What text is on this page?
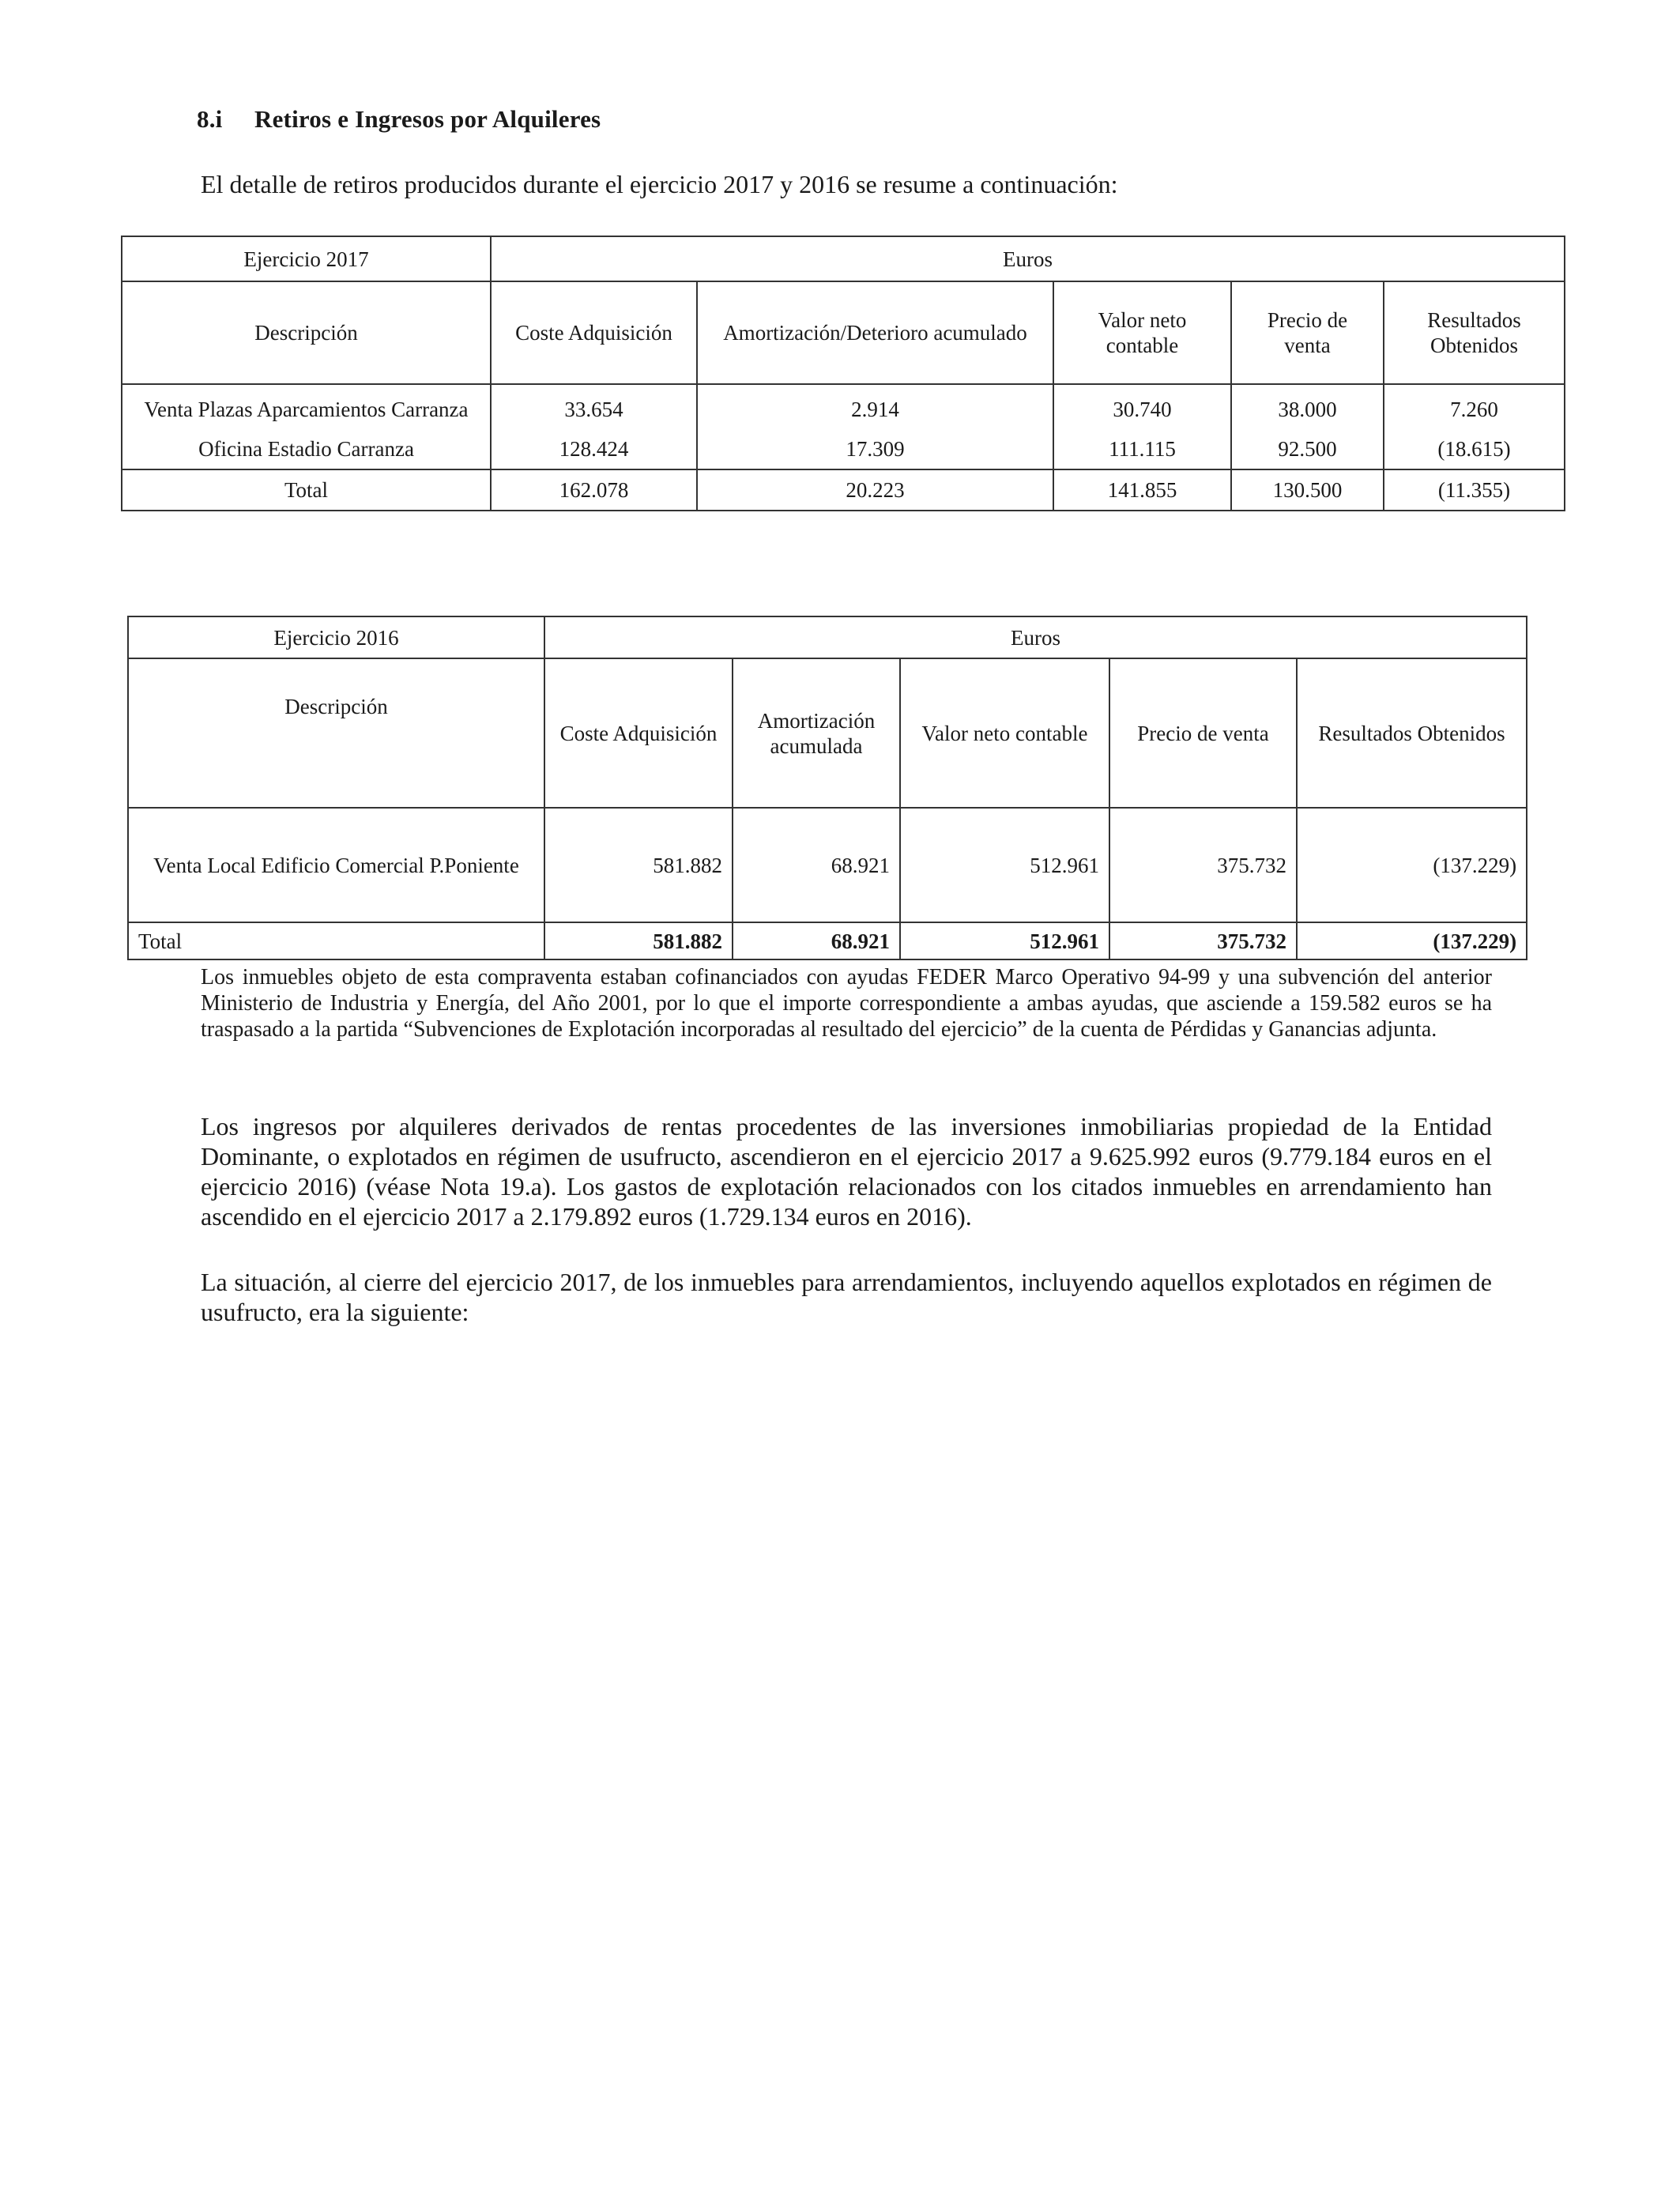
8.i Retiros e Ingresos por Alquileres
El detalle de retiros producidos durante el ejercicio 2017 y 2016 se resume a continuación:
Ejercicio 2017	Euros				
Descripción	Coste Adquisición	Amortización/Deterioro acumulado	Valor neto contable	Precio de venta	Resultados Obtenidos
Venta Plazas Aparcamientos Carranza	33.654	2.914	30.740	38.000	7.260
Oficina Estadio Carranza	128.424	17.309	111.115	92.500	(18.615)
Total	162.078	20.223	141.855	130.500	(11.355)
Ejercicio 2016	Euros				
Descripción	Coste Adquisición	Amortización acumulada	Valor neto contable	Precio de venta	Resultados Obtenidos
Venta Local Edificio Comercial P.Poniente	581.882	68.921	512.961	375.732	(137.229)
Total	581.882	68.921	512.961	375.732	(137.229)

Los inmuebles objeto de esta compraventa estaban cofinanciados con ayudas FEDER Marco Operativo 94-99 y una subvención del anterior Ministerio de Industria y Energía, del Año 2001, por lo que el importe correspondiente a ambas ayudas, que asciende a 159.582 euros se ha traspasado a la partida “Subvenciones de Explotación incorporadas al resultado del ejercicio” de la cuenta de Pérdidas y Ganancias adjunta.

Los ingresos por alquileres derivados de rentas procedentes de las inversiones inmobiliarias propiedad de la Entidad Dominante, o explotados en régimen de usufructo, ascendieron en el ejercicio 2017 a 9.625.992 euros (9.779.184 euros en el ejercicio 2016) (véase Nota 19.a). Los gastos de explotación relacionados con los citados inmuebles en arrendamiento han ascendido en el ejercicio 2017 a 2.179.892 euros (1.729.134 euros en 2016).

La situación, al cierre del ejercicio 2017, de los inmuebles para arrendamientos, incluyendo aquellos explotados en régimen de usufructo, era la siguiente:
